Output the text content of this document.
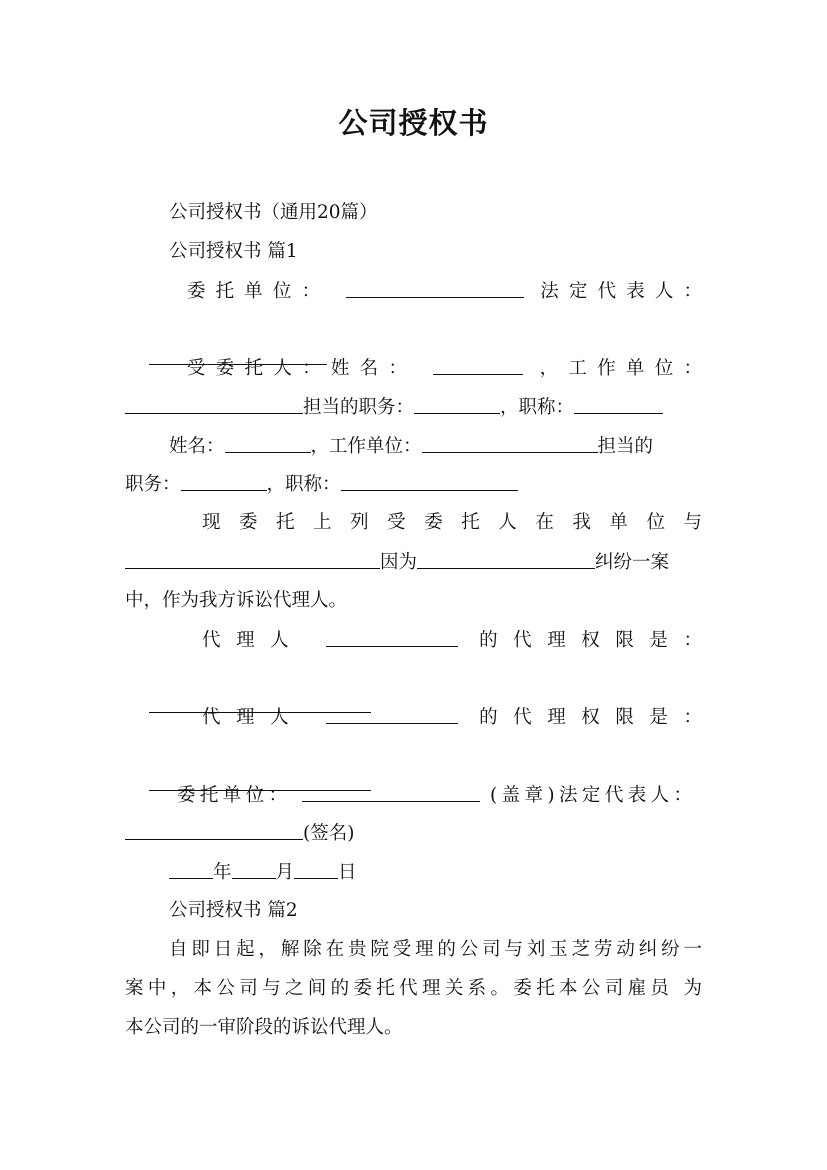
公司授权书
公司授权书（通用20篇）
公司授权书 篇1
委托单位：	法定代表人：

受委托人：姓名：	，工作单位：
担当的职务：	，职称：
姓名：	，工作单位：	担当的
职务：	，职称：
现委托上列受委托人在我单位与
因为	纠纷一案
中，作为我方诉讼代理人。
代理人	的代理权限是：

代理人	的代理权限是：

委托单位：	(盖章)法定代表人：
(签名)
年 月 日
公司授权书 篇2
自即日起，解除在贵院受理的公司与刘玉芝劳动纠纷一
案中，本公司与之间的委托代理关系。委托本公司雇员 为
本公司的一审阶段的诉讼代理人。
